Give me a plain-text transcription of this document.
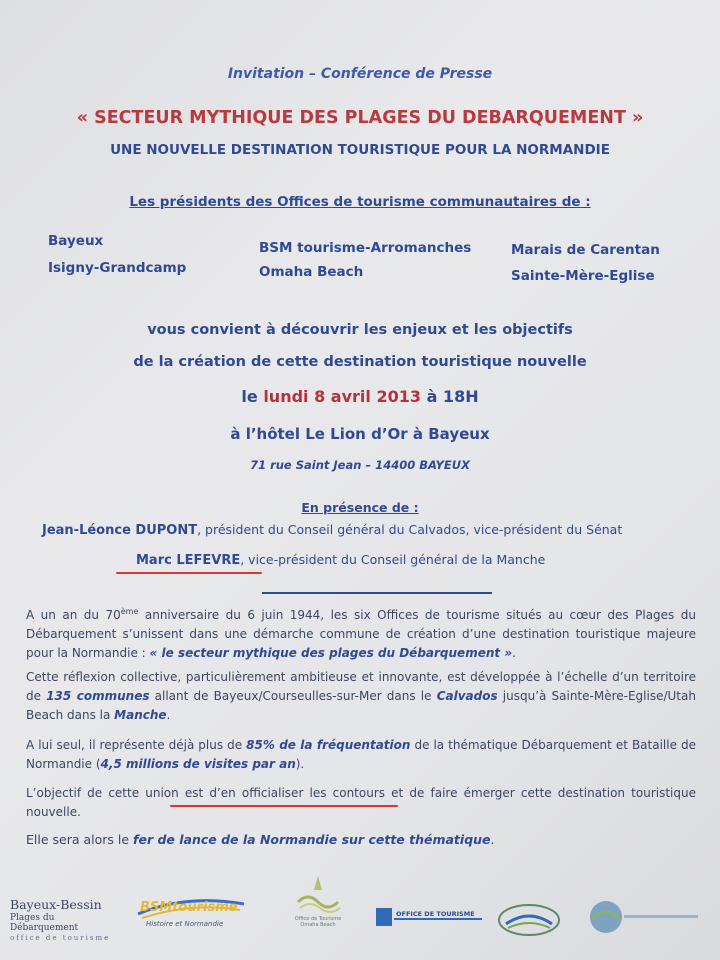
Invitation – Conférence de Presse
« SECTEUR MYTHIQUE DES PLAGES DU DEBARQUEMENT »
UNE NOUVELLE DESTINATION TOURISTIQUE POUR LA NORMANDIE
Les présidents des Offices de tourisme communautaires de :
Bayeux
Isigny-Grandcamp
BSM tourisme-Arromanches
Omaha Beach
Marais de Carentan
Sainte-Mère-Eglise
vous convient à découvrir les enjeux et les objectifs
de la création de cette destination touristique nouvelle
le lundi 8 avril 2013 à 18H
à l’hôtel Le Lion d’Or à Bayeux
71 rue Saint Jean – 14400 BAYEUX
En présence de :
Jean-Léonce DUPONT, président du Conseil général du Calvados, vice-président du Sénat
Marc LEFEVRE, vice-président du Conseil général de la Manche

A un an du 70ème anniversaire du 6 juin 1944, les six Offices de tourisme situés au cœur des Plages du Débarquement s’unissent dans une démarche commune de création d’une destination touristique majeure pour la Normandie : « le secteur mythique des plages du Débarquement ».

Cette réflexion collective, particulièrement ambitieuse et innovante, est développée à l’échelle d’un territoire de 135 communes allant de Bayeux/Courseulles-sur-Mer dans le Calvados jusqu’à Sainte-Mère-Eglise/Utah Beach dans la Manche.

A lui seul, il représente déjà plus de 85% de la fréquentation de la thématique Débarquement et Bataille de Normandie (4,5 millions de visites par an).

L’objectif de cette union est d’en officialiser les contours et de faire émerger cette destination touristique nouvelle.

Elle sera alors le fer de lance de la Normandie sur cette thématique.
Bayeux-Bessin
Plages du Débarquement
office de tourisme
BSMtourisme
Histoire et Normandie
Office de Tourisme Omaha Beach
OFFICE DE TOURISME
